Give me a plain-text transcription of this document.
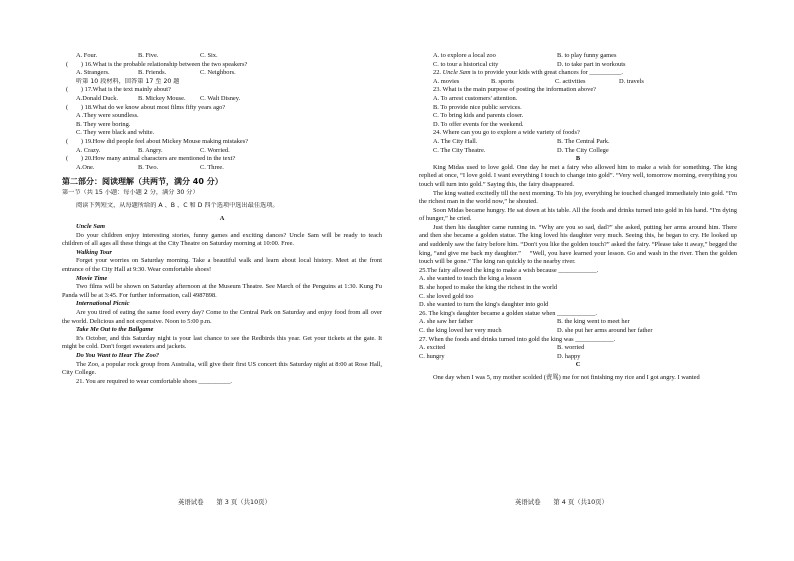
A. Four.	B. Five.	C. Six.
(　　) 16.What is the probable relationship between the two speakers?
A. Strangers.	B. Friends.	C. Neighbors.
听第 10 段材料，回答第 17 至 20 题
(　　) 17.What is the text mainly about?
A.Donald Duck.	B. Mickey Mouse.	C. Walt Disney.
(　　) 18.What do we know about most films fifty years ago?
A .They were soundless.
B. They were boring.
C. They were black and white.
(　　) 19.How did people feel about Mickey Mouse making mistakes?
A. Crazy.	B. Angry.	C. Worried.
(　　) 20.How many animal characters are mentioned in the text?
A.One.	B. Two.	C. Three.
第二部分：阅读理解（共两节，满分 40 分）
第一节（共 15 小题：每小题 2 分，满分 30 分）
阅读下列短文，从每题所给的 A 、B 、C 和 D 四个选项中选出最佳选项。
A
Uncle Sam
Do your children enjoy interesting stories, funny games and exciting dances? Uncle Sam will be ready to teach children of all ages all these things at the City Theatre on Saturday morning at 10:00. Free.
Walking Tour
Forget your worries on Saturday morning. Take a beautiful walk and learn about local history. Meet at the front entrance of the City Hall at 9:30. Wear comfortable shoes!
Movie Time
Two films will be shown on Saturday afternoon at the Museum Theatre. See March of the Penguins at 1:30. Kung Fu Panda will be at 3:45. For further information, call 4987898.
International Picnic
Are you tired of eating the same food every day? Come to the Central Park on Saturday and enjoy food from all over the world. Delicious and not expensive. Noon to 5:00 p.m.
Take Me Out to the Ballgame
It's October, and this Saturday night is your last chance to see the Redbirds this year. Get your tickets at the gate. It might be cold. Don't forget sweaters and jackets.
Do You Want to Hear The Zoo?
The Zoo, a popular rock group from Australia, will give their first US concert this Saturday night at 8:00 at Rose Hall, City College.
21. You are required to wear comfortable shoes __________.
英语试卷　　第 3 页（共10页）
A. to explore a local zoo	B. to play funny games
C. to tour a historical city	D. to take part in workouts
22. Uncle Sam is to provide your kids with great chances for __________.
A. movies	B. sports	C. activities	D. travels
23. What is the main purpose of posting the information above?
A. To arrest customers' attention.
B. To provide nice public services.
C. To bring kids and parents closer.
D. To offer events for the weekend.
24. Where can you go to explore a wide variety of foods?
A. The City Hall.	B. The Central Park.
C. The City Theatre.	D. The City College
B
King Midas used to love gold. One day he met a fairy who allowed him to make a wish for something. The king replied at once, “I love gold. I want everything I touch to change into gold”. “Very well, tomorrow morning, everything you touch will turn into gold.” Saying this, the fairy disappeared.
The king waited excitedly till the next morning. To his joy, everything he touched changed immediately into gold. “I'm the richest man in the world now,” he shouted.
Soon Midas became hungry. He sat down at his table. All the foods and drinks turned into gold in his hand. “I'm dying of hunger,” he cried.
Just then his daughter came running in. “Why are you so sad, dad?” she asked, putting her arms around him. There and then she became a golden statue. The king loved his daughter very much. Seeing this, he began to cry. He looked up and suddenly saw the fairy before him. “Don't you like the golden touch?” asked the fairy. “Please take it away,” begged the king, “and give me back my daughter.” 　“Well, you have learned your lesson. Go and wash in the river. Then the golden touch will be gone.” The king ran quickly to the nearby river.
25.The fairy allowed the king to make a wish because ____________.
A. she wanted to teach the king a lesson
B. she hoped to make the king the richest in the world
C. she loved gold too
D. she wanted to turn the king's daughter into gold
26. The king's daughter became a golden statue when ____________.
A. she saw her father	B. the king went to meet her
C. the king loved her very much	D. she put her arms around her father
27. When the foods and drinks turned into gold the king was ____________.
A. excited	B. worried
C. hungry	D. happy
C
One day when I was 5, my mother scolded (责骂) me for not finishing my rice and I got angry. I wanted
英语试卷　　第 4 页（共10页）
